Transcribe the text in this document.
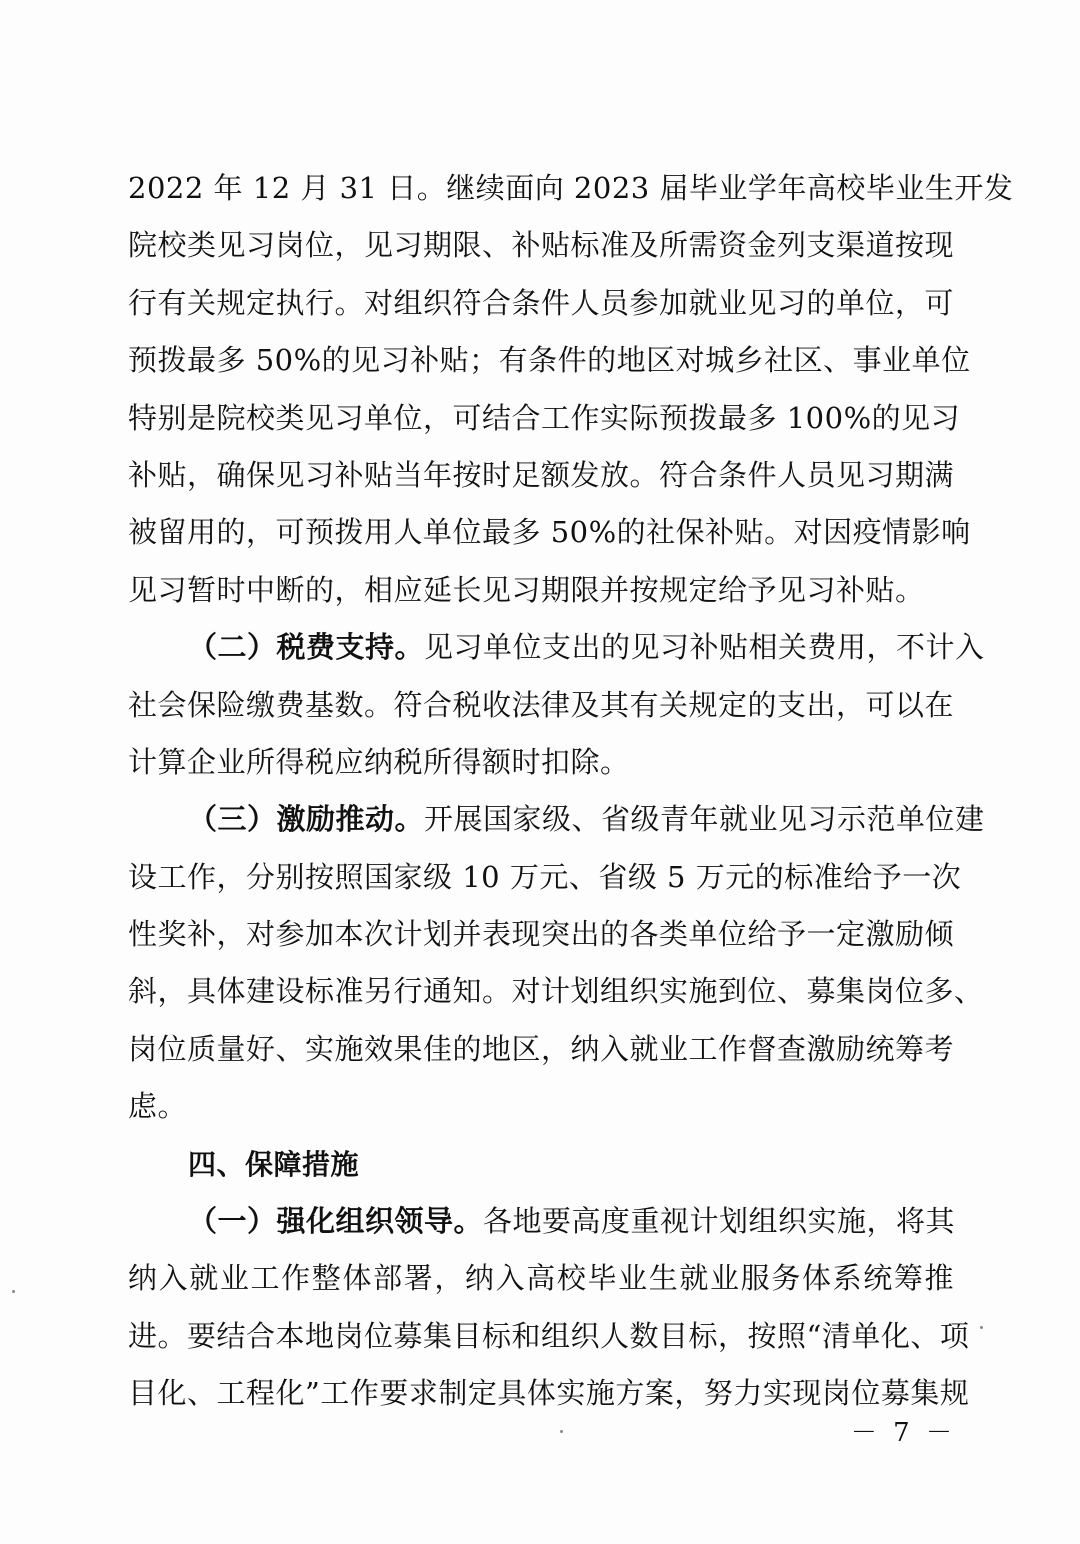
2022 年 12 月 31 日。继续面向 2023 届毕业学年高校毕业生开发
院校类见习岗位，见习期限、补贴标准及所需资金列支渠道按现
行有关规定执行。对组织符合条件人员参加就业见习的单位，可
预拨最多 50%的见习补贴；有条件的地区对城乡社区、事业单位
特别是院校类见习单位，可结合工作实际预拨最多 100%的见习
补贴，确保见习补贴当年按时足额发放。符合条件人员见习期满
被留用的，可预拨用人单位最多 50%的社保补贴。对因疫情影响
见习暂时中断的，相应延长见习期限并按规定给予见习补贴。
（二）税费支持。见习单位支出的见习补贴相关费用，不计入
社会保险缴费基数。符合税收法律及其有关规定的支出，可以在
计算企业所得税应纳税所得额时扣除。
（三）激励推动。开展国家级、省级青年就业见习示范单位建
设工作，分别按照国家级 10 万元、省级 5 万元的标准给予一次
性奖补，对参加本次计划并表现突出的各类单位给予一定激励倾
斜，具体建设标准另行通知。对计划组织实施到位、募集岗位多、
岗位质量好、实施效果佳的地区，纳入就业工作督查激励统筹考
虑。
四、保障措施
（一）强化组织领导。各地要高度重视计划组织实施，将其
纳入就业工作整体部署，纳入高校毕业生就业服务体系统筹推
进。要结合本地岗位募集目标和组织人数目标，按照“清单化、项
目化、工程化”工作要求制定具体实施方案，努力实现岗位募集规
－ 7 －
